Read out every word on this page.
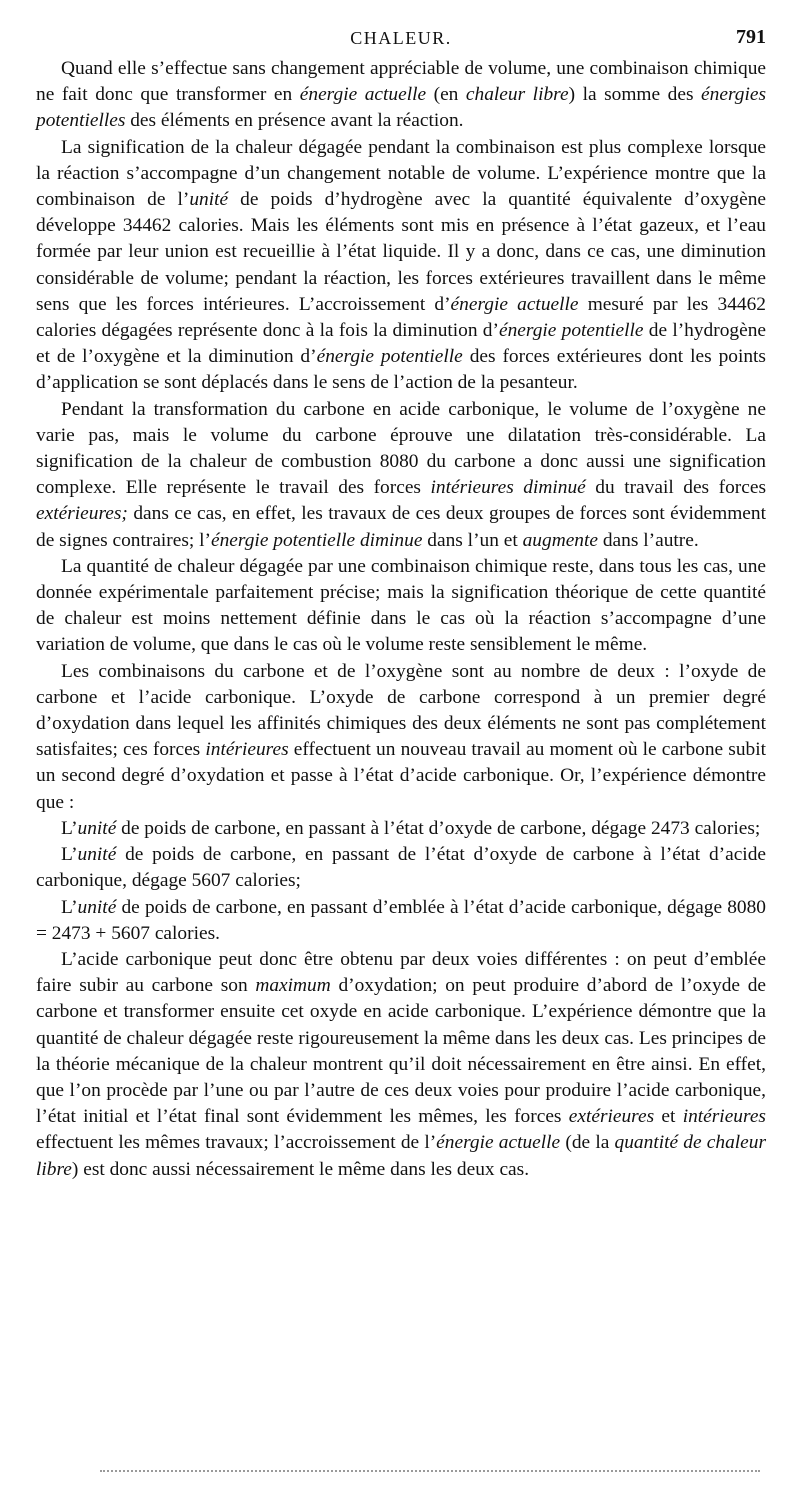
CHALEUR.	791

Quand elle s’effectue sans changement appréciable de volume, une combinaison chimique ne fait donc que transformer en énergie actuelle (en chaleur libre) la somme des énergies potentielles des éléments en présence avant la réaction.

La signification de la chaleur dégagée pendant la combinaison est plus complexe lorsque la réaction s’accompagne d’un changement notable de volume. L’expérience montre que la combinaison de l’unité de poids d’hydrogène avec la quantité équivalente d’oxygène développe 34462 calories. Mais les éléments sont mis en présence à l’état gazeux, et l’eau formée par leur union est recueillie à l’état liquide. Il y a donc, dans ce cas, une diminution considérable de volume; pendant la réaction, les forces extérieures travaillent dans le même sens que les forces intérieures. L’accroissement d’énergie actuelle mesuré par les 34462 calories dégagées représente donc à la fois la diminution d’énergie potentielle de l’hydrogène et de l’oxygène et la diminution d’énergie potentielle des forces extérieures dont les points d’application se sont déplacés dans le sens de l’action de la pesanteur.

Pendant la transformation du carbone en acide carbonique, le volume de l’oxygène ne varie pas, mais le volume du carbone éprouve une dilatation très-considérable. La signification de la chaleur de combustion 8080 du carbone a donc aussi une signification complexe. Elle représente le travail des forces intérieures diminué du travail des forces extérieures; dans ce cas, en effet, les travaux de ces deux groupes de forces sont évidemment de signes contraires; l’énergie potentielle diminue dans l’un et augmente dans l’autre.

La quantité de chaleur dégagée par une combinaison chimique reste, dans tous les cas, une donnée expérimentale parfaitement précise; mais la signification théorique de cette quantité de chaleur est moins nettement définie dans le cas où la réaction s’accompagne d’une variation de volume, que dans le cas où le volume reste sensiblement le même.

Les combinaisons du carbone et de l’oxygène sont au nombre de deux : l’oxyde de carbone et l’acide carbonique. L’oxyde de carbone correspond à un premier degré d’oxydation dans lequel les affinités chimiques des deux éléments ne sont pas complétement satisfaites; ces forces intérieures effectuent un nouveau travail au moment où le carbone subit un second degré d’oxydation et passe à l’état d’acide carbonique. Or, l’expérience démontre que :

L’unité de poids de carbone, en passant à l’état d’oxyde de carbone, dégage 2473 calories;

L’unité de poids de carbone, en passant de l’état d’oxyde de carbone à l’état d’acide carbonique, dégage 5607 calories;

L’unité de poids de carbone, en passant d’emblée à l’état d’acide carbonique, dégage 8080 = 2473 + 5607 calories.

L’acide carbonique peut donc être obtenu par deux voies différentes : on peut d’emblée faire subir au carbone son maximum d’oxydation; on peut produire d’abord de l’oxyde de carbone et transformer ensuite cet oxyde en acide carbonique. L’expérience démontre que la quantité de chaleur dégagée reste rigoureusement la même dans les deux cas. Les principes de la théorie mécanique de la chaleur montrent qu’il doit nécessairement en être ainsi. En effet, que l’on procède par l’une ou par l’autre de ces deux voies pour produire l’acide carbonique, l’état initial et l’état final sont évidemment les mêmes, les forces extérieures et intérieures effectuent les mêmes travaux; l’accroissement de l’énergie actuelle (de la quantité de chaleur libre) est donc aussi nécessairement le même dans les deux cas.
